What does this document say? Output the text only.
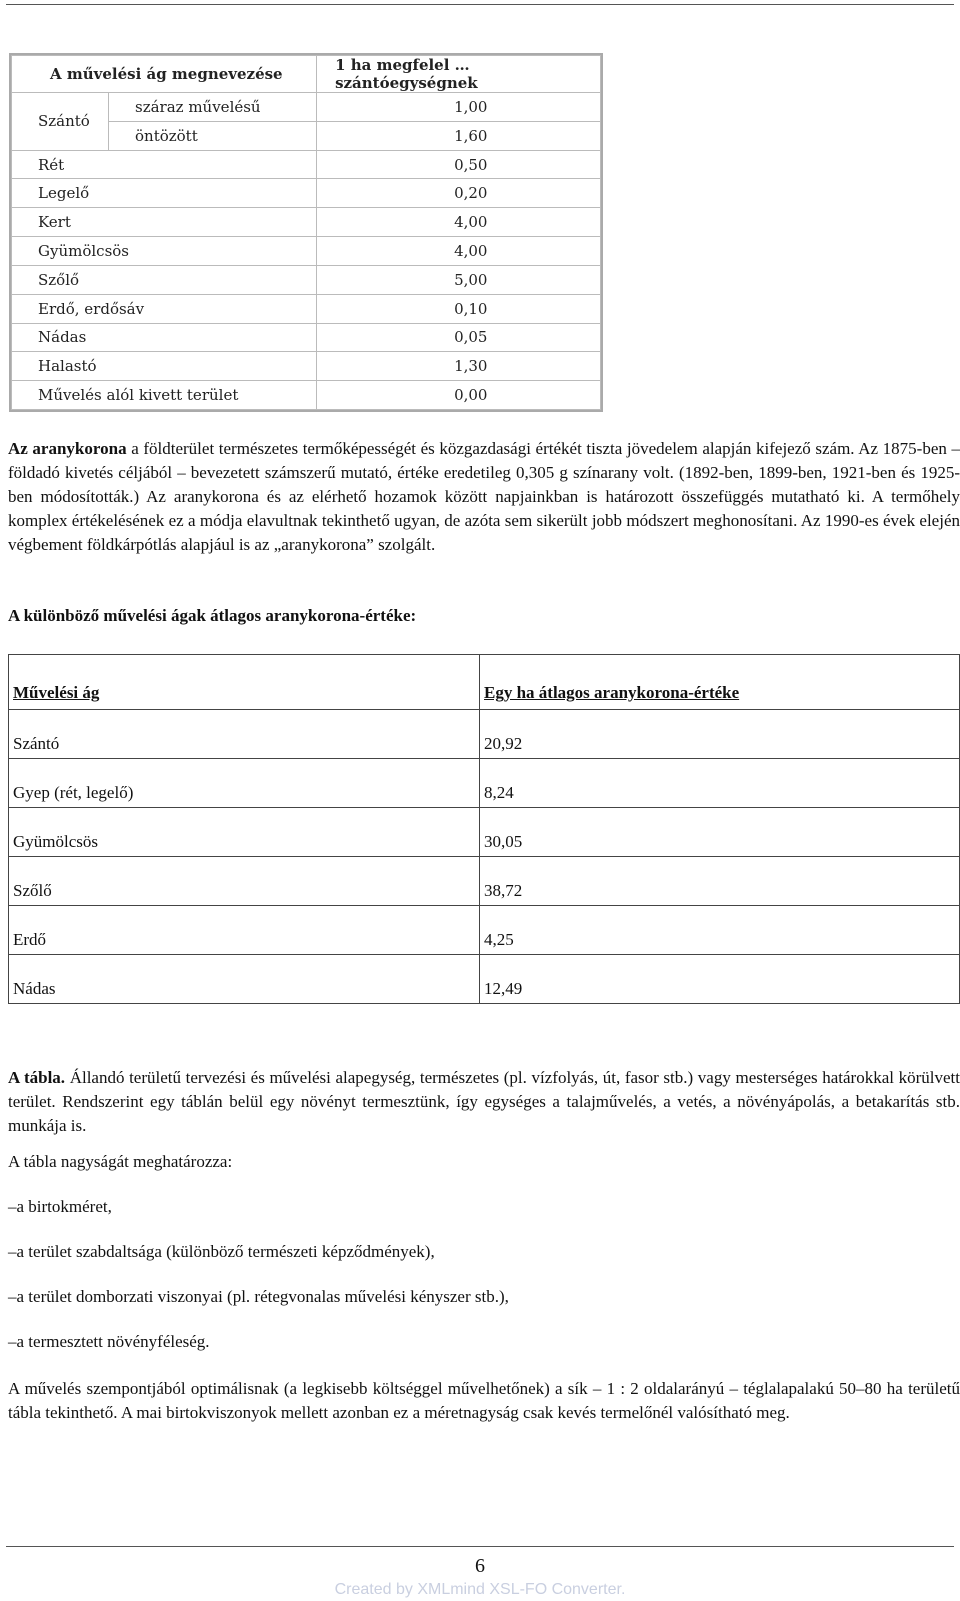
A művelési ág megnevezése		1 ha megfelel … szántóegységnek
Szántó	száraz művelésű	1,00
	öntözött	1,60
Rét		0,50
Legelő		0,20
Kert		4,00
Gyümölcsös		4,00
Szőlő		5,00
Erdő, erdősáv		0,10
Nádas		0,05
Halastó		1,30
Művelés alól kivett terület		0,00
Az aranykorona a földterület természetes termőképességét és közgazdasági értékét tiszta jövedelem alapján kifejező szám. Az 1875-ben – földadó kivetés céljából – bevezetett számszerű mutató, értéke eredetileg 0,305 g színarany volt. (1892-ben, 1899-ben, 1921-ben és 1925-ben módosították.) Az aranykorona és az elérhető hozamok között napjainkban is határozott összefüggés mutatható ki. A termőhely komplex értékelésének ez a módja elavultnak tekinthető ugyan, de azóta sem sikerült jobb módszert meghonosítani. Az 1990-es évek elején végbement földkárpótlás alapjául is az „aranykorona” szolgált.
A különböző művelési ágak átlagos aranykorona-értéke:
Művelési ág	Egy ha átlagos aranykorona-értéke
Szántó	20,92
Gyep (rét, legelő)	8,24
Gyümölcsös	30,05
Szőlő	38,72
Erdő	4,25
Nádas	12,49
A tábla. Állandó területű tervezési és művelési alapegység, természetes (pl. vízfolyás, út, fasor stb.) vagy mesterséges határokkal körülvett terület. Rendszerint egy táblán belül egy növényt termesztünk, így egységes a talajművelés, a vetés, a növényápolás, a betakarítás stb. munkája is.
A tábla nagyságát meghatározza:
–a birtokméret,
–a terület szabdaltsága (különböző természeti képződmények),
–a terület domborzati viszonyai (pl. rétegvonalas művelési kényszer stb.),
–a termesztett növényféleség.
A művelés szempontjából optimálisnak (a legkisebb költséggel művelhetőnek) a sík – 1 : 2 oldalarányú – téglalapalakú 50–80 ha területű tábla tekinthető. A mai birtokviszonyok mellett azonban ez a méretnagyság csak kevés termelőnél valósítható meg.
6
Created by XMLmind XSL-FO Converter.
